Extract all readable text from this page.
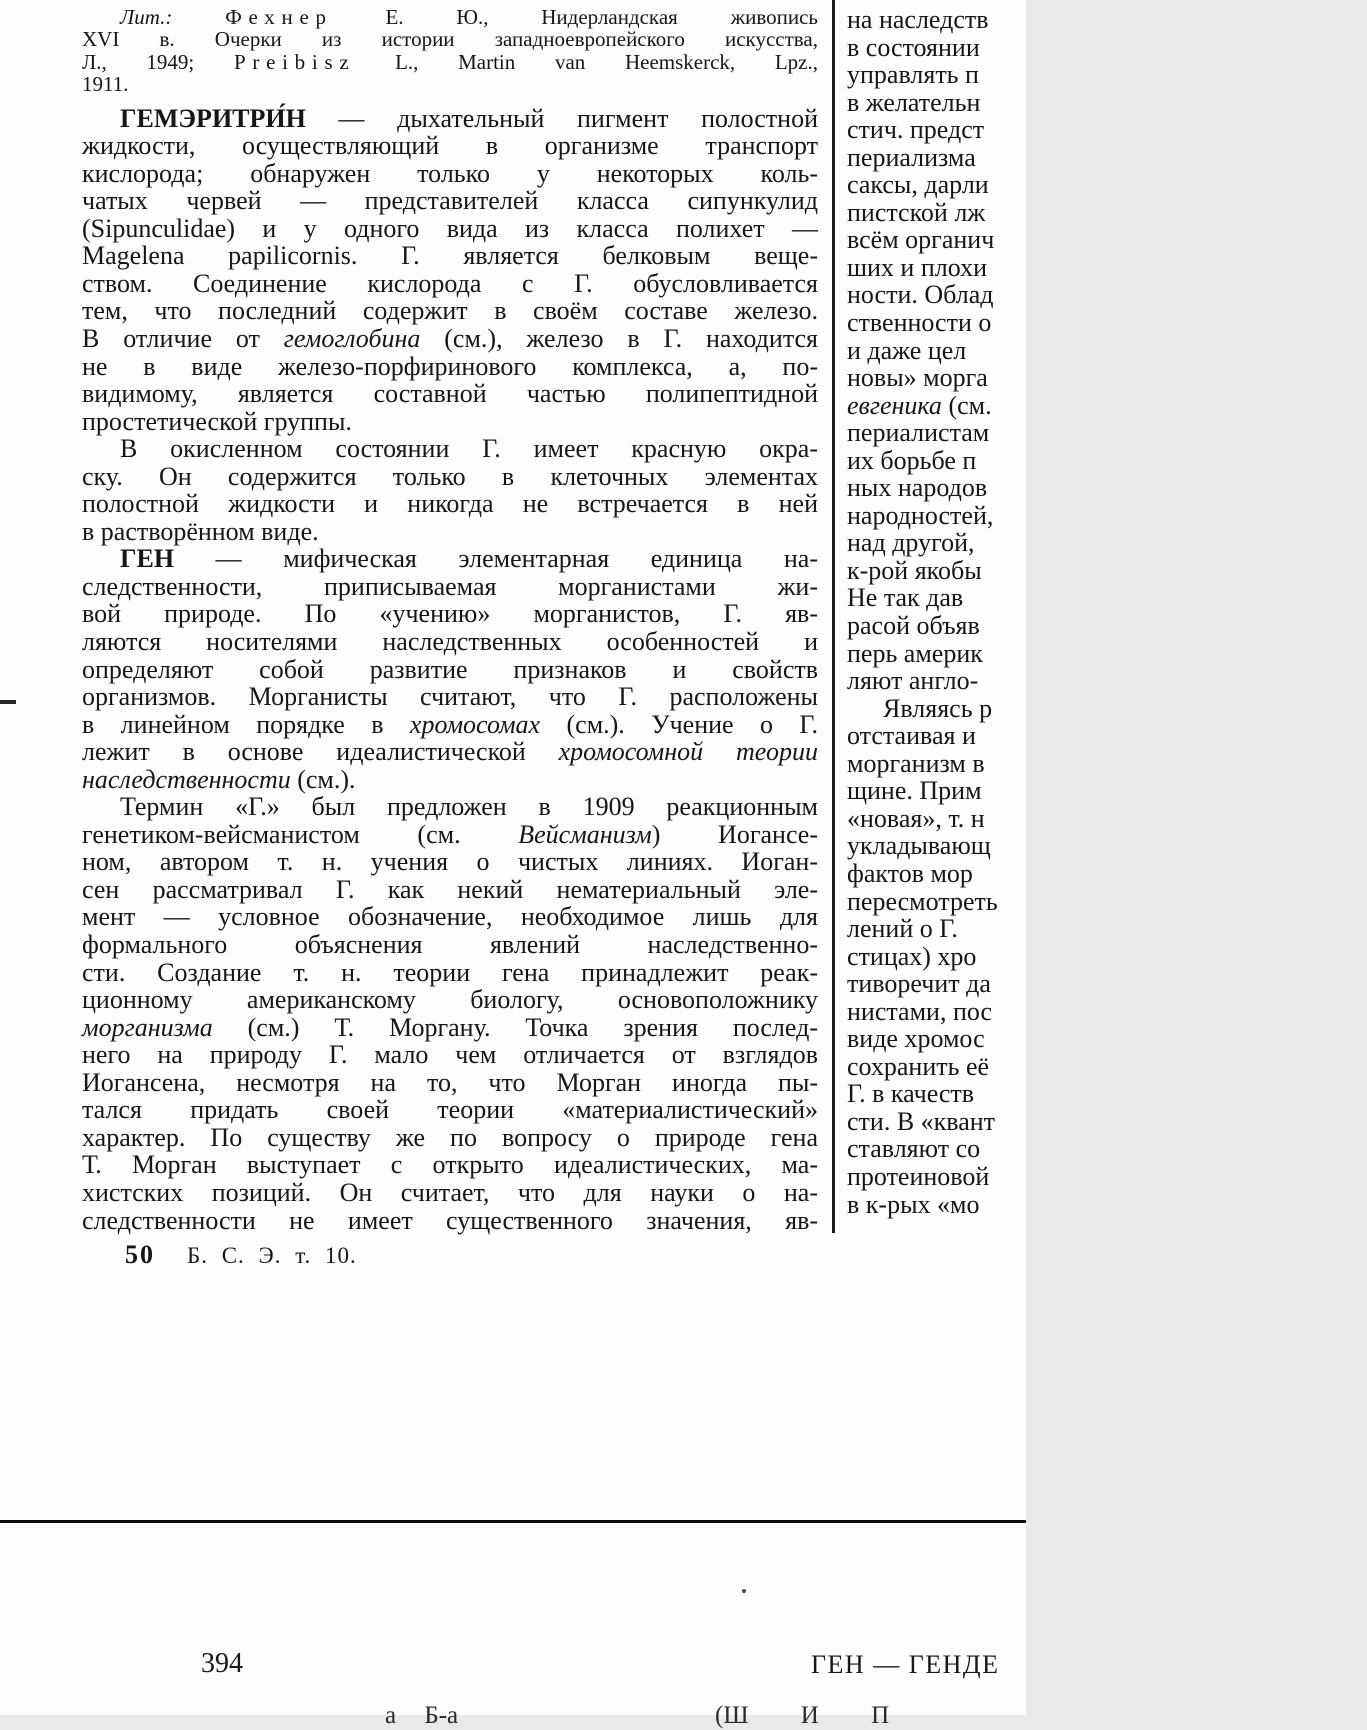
Лит.:	Фехнер Е. Ю., Нидерландская живопись
XVI в. Очерки из истории западноевропейского искусства,
Л., 1949; Preibisz L., Martin van Heemskerck, Lpz.,
1911.
ГЕМЭРИТРИ́Н — дыхательный пигмент полостной
жидкости, осуществляющий в организме транспорт
кислорода; обнаружен только у некоторых коль-
чатых червей — представителей класса сипункулид
(Sipunculidae) и у одного вида из класса полихет —
Magelena papilicornis. Г. является белковым веще-
ством. Соединение кислорода с Г. обусловливается
тем, что последний содержит в своём составе железо.
В отличие от гемоглобина (см.), железо в Г. находится
не в виде железо-порфиринового комплекса, а, по-
видимому, является составной частью полипептидной
простетической группы.
В окисленном состоянии Г. имеет красную окра-
ску. Он содержится только в клеточных элементах
полостной жидкости и никогда не встречается в ней
в растворённом виде.
ГЕН — мифическая элементарная единица на-
следственности, приписываемая морганистами жи-
вой природе. По «учению» морганистов, Г. яв-
ляются носителями наследственных особенностей и
определяют собой развитие признаков и свойств
организмов. Морганисты считают, что Г. расположены
в линейном порядке в хромосомах (см.). Учение о Г.
лежит в основе идеалистической хромосомной теории
наследственности (см.).
Термин «Г.» был предложен в 1909 реакционным
генетиком-вейсманистом (см. Вейсманизм) Иогансе-
ном, автором т. н. учения о чистых линиях. Иоган-
сен рассматривал Г. как некий нематериальный эле-
мент — условное обозначение, необходимое лишь для
формального объяснения явлений наследственно-
сти. Создание т. н. теории гена принадлежит реак-
ционному американскому биологу, основоположнику
морганизма (см.) Т. Моргану. Точка зрения послед-
него на природу Г. мало чем отличается от взглядов
Иогансена, несмотря на то, что Морган иногда пы-
тался придать своей теории «материалистический»
характер. По существу же по вопросу о природе гена
Т. Морган выступает с открыто идеалистических, ма-
хистских позиций. Он считает, что для науки о на-
следственности не имеет существенного значения, яв-
50 Б. С. Э. т. 10.
на наследств
в состоянии
управлять п
в желательн
стич. предст
периализма
саксы, дарли
пистской лж
всём органич
ших и плохи
ности. Облад
ственности о
и даже цел
новы» морга
евгеника (см.
периалистам
их борьбе п
ных народов
народностей,
над другой,
к-рой якобы
Не так дав
расой объяв
перь америк
ляют англо-
Являясь р
отстаивая и
морганизм в
щине. Прим
«новая», т. н
укладывающ
фактов мор
пересмотреть
лений о Г.
стицах) хро
тиворечит да
нистами, пос
виде хромос
сохранить её
Г. в качеств
сти. В «квант
ставляют со
протеиновой
в к-рых «мо
394	ГЕН — ГЕНДЕ
а Б-а	(Ш И П
